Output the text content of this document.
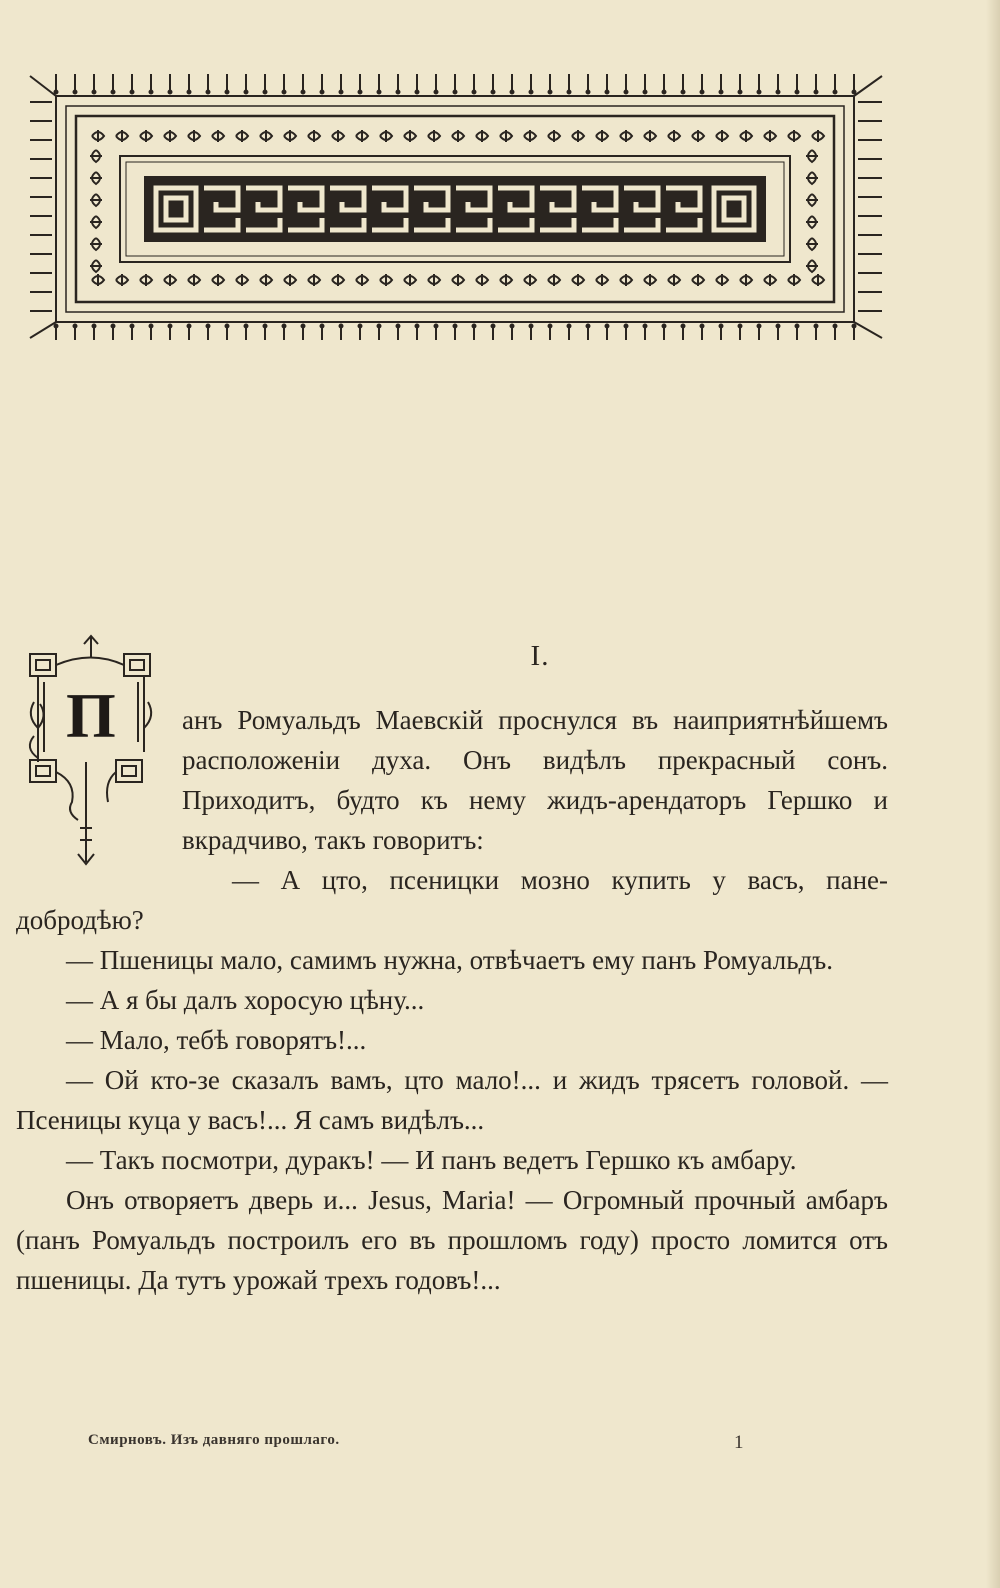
I.
П	анъ Ромуальдъ Маевскій проснулся въ наиприятнѣйшемъ расположеніи духа. Онъ видѣлъ прекрасный сонъ. Приходитъ, будто къ нему жидъ-арендаторъ Гершко и вкрадчиво, такъ говоритъ:

— А цто, псеницки мозно купить у васъ, пане-добродѣю?

— Пшеницы мало, самимъ нужна, отвѣчаетъ ему панъ Ромуальдъ.

— А я бы далъ хоросую цѣну...

— Мало, тебѣ говорятъ!...

— Ой кто-зе сказалъ вамъ, цто мало!... и жидъ трясетъ головой. — Псеницы куца у васъ!... Я самъ видѣлъ...

— Такъ посмотри, дуракъ! — И панъ ведетъ Гершко къ амбару.

Онъ отворяетъ дверь и... Jesus, Maria! — Огромный прочный амбаръ (панъ Ромуальдъ построилъ его въ прошломъ году) просто ломится отъ пшеницы. Да тутъ урожай трехъ годовъ!...

Смирновъ. Изъ давняго прошлаго.	1
